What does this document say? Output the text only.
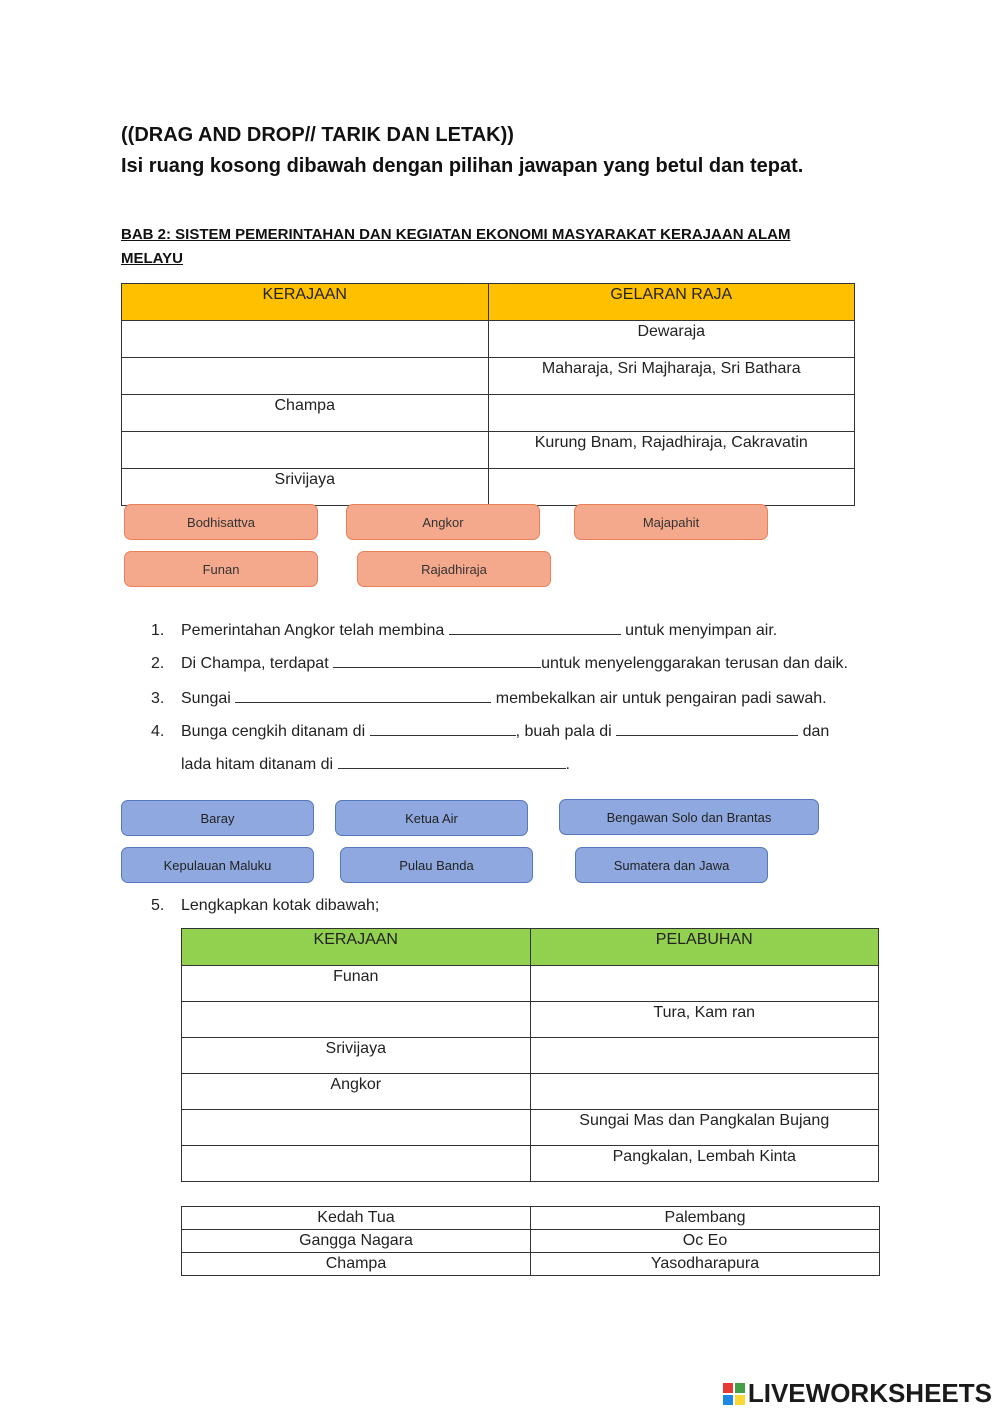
((DRAG AND DROP// TARIK DAN LETAK))
Isi ruang kosong dibawah dengan pilihan jawapan yang betul dan tepat.
BAB 2: SISTEM PEMERINTAHAN DAN KEGIATAN EKONOMI MASYARAKAT KERAJAAN ALAM MELAYU
KERAJAAN	GELARAN RAJA
	Dewaraja
	Maharaja, Sri Majharaja, Sri Bathara
Champa	
	Kurung Bnam, Rajadhiraja, Cakravatin
Srivijaya	
Bodhisattva	Angkor	Majapahit
Funan	Rajadhiraja
1. Pemerintahan Angkor telah membina	untuk menyimpan air.
2. Di Champa, terdapat	untuk menyelenggarakan terusan dan daik.
3. Sungai	membekalkan air untuk pengairan padi sawah.
4. Bunga cengkih ditanam di	, buah pala di	dan
lada hitam ditanam di	.
Baray	Ketua Air	Bengawan Solo dan Brantas
Kepulauan Maluku	Pulau Banda	Sumatera dan Jawa
5. Lengkapkan kotak dibawah;
KERAJAAN	PELABUHAN
Funan	
	Tura, Kam ran
Srivijaya	
Angkor	
	Sungai Mas dan Pangkalan Bujang
	Pangkalan, Lembah Kinta
Kedah Tua	Palembang
Gangga Nagara	Oc Eo
Champa	Yasodharapura
LIVEWORKSHEETS
